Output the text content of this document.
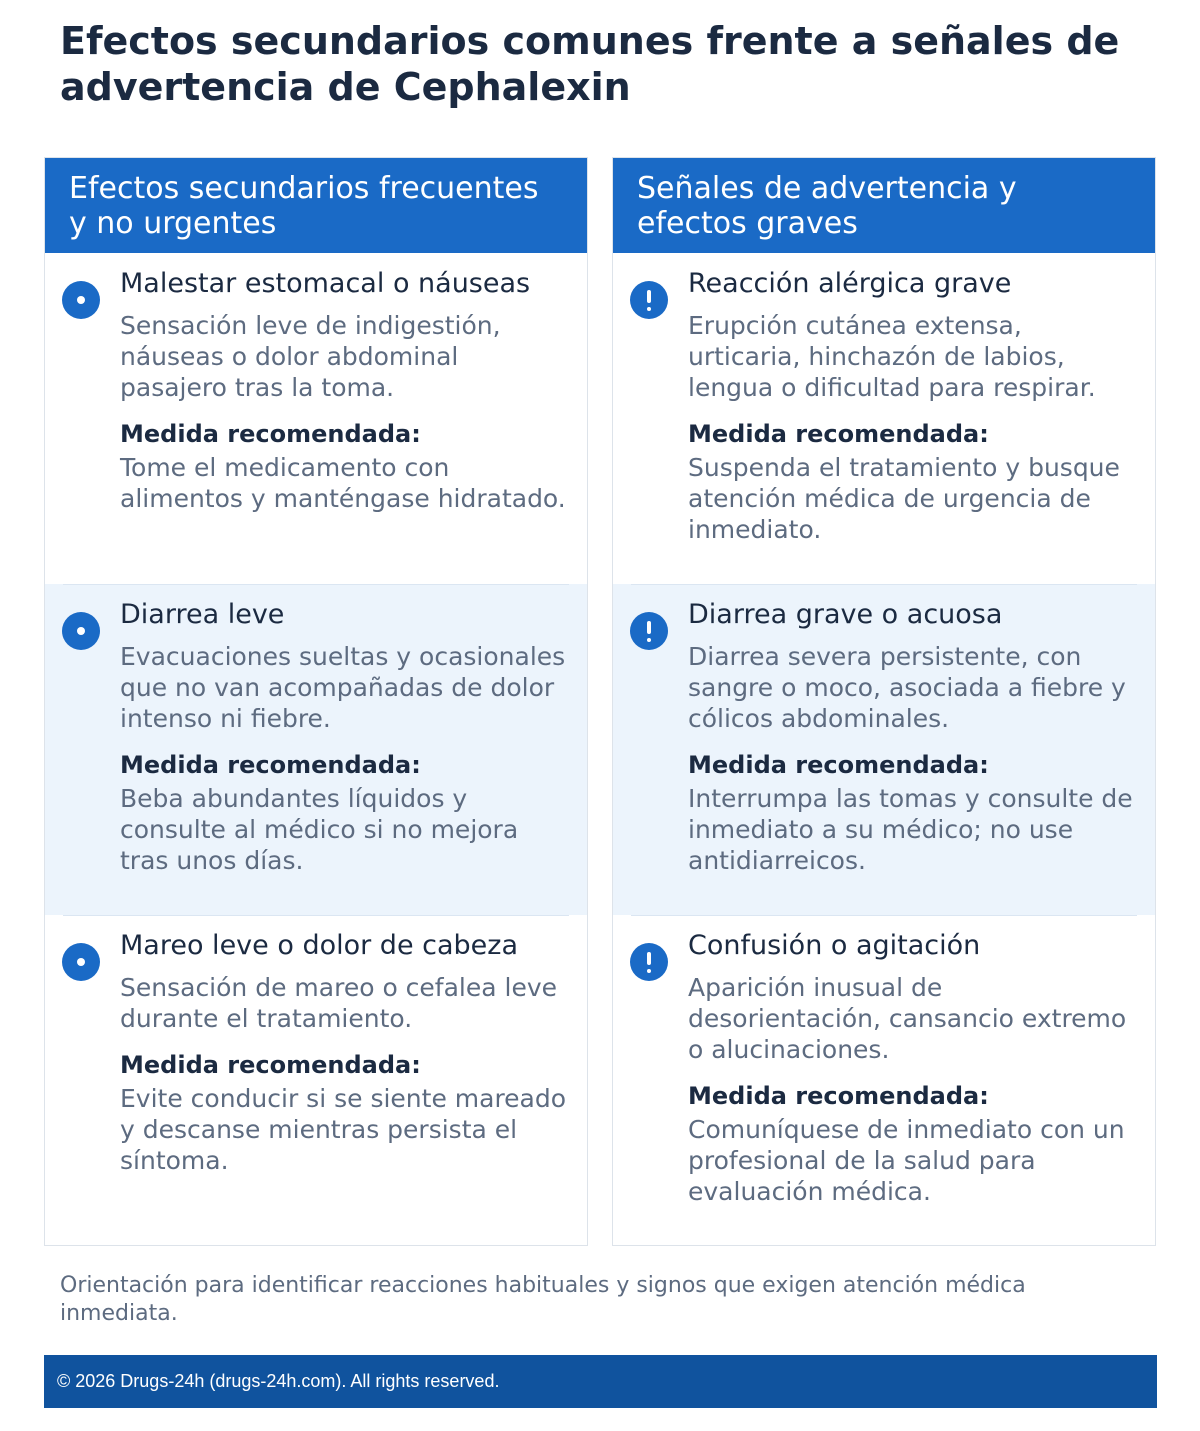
Efectos secundarios comunes frente a señales de advertencia de Cephalexin
Efectos secundarios frecuentes y no urgentes
Malestar estomacal o náuseas

Sensación leve de indigestión, náuseas o dolor abdominal pasajero tras la toma.

Medida recomendada:

Tome el medicamento con alimentos y manténgase hidratado.

Diarrea leve

Evacuaciones sueltas y ocasionales que no van acompañadas de dolor intenso ni fiebre.

Medida recomendada:

Beba abundantes líquidos y consulte al médico si no mejora tras unos días.

Mareo leve o dolor de cabeza

Sensación de mareo o cefalea leve durante el tratamiento.

Medida recomendada:

Evite conducir si se siente mareado y descanse mientras persista el síntoma.

Señales de advertencia y efectos graves
Reacción alérgica grave

Erupción cutánea extensa, urticaria, hinchazón de labios, lengua o dificultad para respirar.

Medida recomendada:

Suspenda el tratamiento y busque atención médica de urgencia de inmediato.

Diarrea grave o acuosa

Diarrea severa persistente, con sangre o moco, asociada a fiebre y cólicos abdominales.

Medida recomendada:

Interrumpa las tomas y consulte de inmediato a su médico; no use antidiarreicos.

Confusión o agitación

Aparición inusual de desorientación, cansancio extremo o alucinaciones.

Medida recomendada:

Comuníquese de inmediato con un profesional de la salud para evaluación médica.

Orientación para identificar reacciones habituales y signos que exigen atención médica inmediata.

© 2026 Drugs-24h (drugs-24h.com). All rights reserved.
